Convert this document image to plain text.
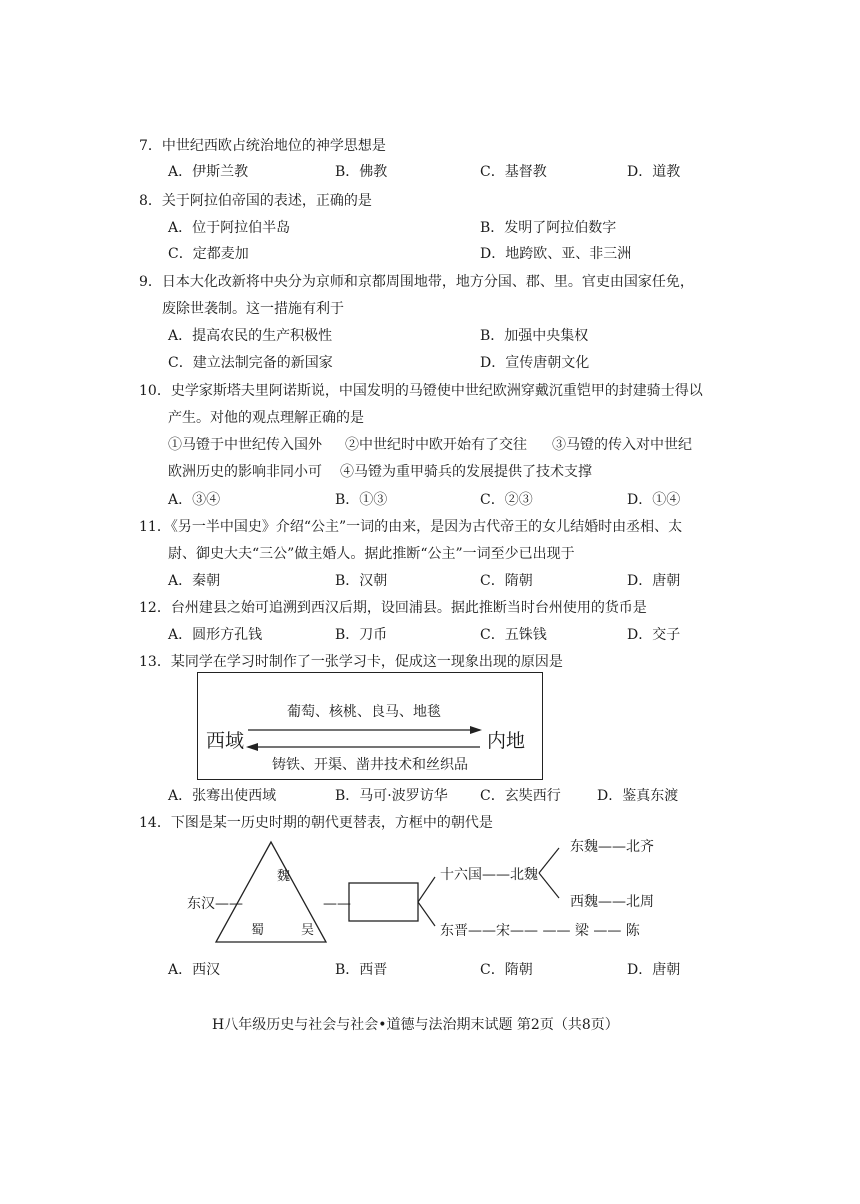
7．中世纪西欧占统治地位的神学思想是
A．伊斯兰教	B．佛教	C．基督教	D．道教
8．关于阿拉伯帝国的表述，正确的是
A．位于阿拉伯半岛	B．发明了阿拉伯数字
C．定都麦加	D．地跨欧、亚、非三洲
9．日本大化改新将中央分为京师和京都周围地带，地方分国、郡、里。官吏由国家任免，
废除世袭制。这一措施有利于
A．提高农民的生产积极性	B．加强中央集权
C．建立法制完备的新国家	D．宣传唐朝文化
10．史学家斯塔夫里阿诺斯说，中国发明的马镫使中世纪欧洲穿戴沉重铠甲的封建骑士得以
产生。对他的观点理解正确的是
①马镫于中世纪传入国外 ②中世纪时中欧开始有了交往 ③马镫的传入对中世纪
欧洲历史的影响非同小可 ④马镫为重甲骑兵的发展提供了技术支撑
A．③④	B．①③	C．②③	D．①④
11．《另一半中国史》介绍“公主”一词的由来，是因为古代帝王的女儿结婚时由丞相、太
尉、御史大夫“三公”做主婚人。据此推断“公主”一词至少已出现于
A．秦朝	B．汉朝	C．隋朝	D．唐朝
12．台州建县之始可追溯到西汉后期，设回浦县。据此推断当时台州使用的货币是
A．圆形方孔钱	B．刀币	C．五铢钱	D．交子
13．某同学在学习时制作了一张学习卡，促成这一现象出现的原因是
葡萄、核桃、良马、地毯
西域	内地
铸铁、开渠、凿井技术和丝织品
A．张骞出使西域	B．马可·波罗访华 C．玄奘西行	D．鉴真东渡
14．下图是某一历史时期的朝代更替表，方框中的朝代是
东汉——
魏
蜀	吴
——
十六国——北魏
东魏——北齐
西魏——北周
东晋——宋—— —— 梁 —— 陈
A．西汉	B．西晋	C．隋朝	D．唐朝
H八年级历史与社会与社会•道德与法治期末试题 第2页（共8页）
